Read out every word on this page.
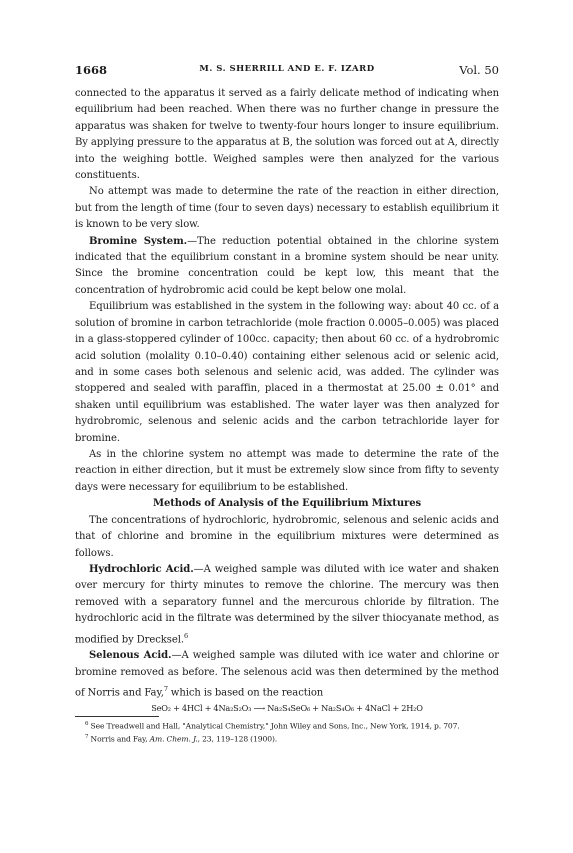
1668	M. S. SHERRILL AND E. F. IZARD	Vol. 50

connected to the apparatus it served as a fairly delicate method of indicating when equilibrium had been reached. When there was no further change in pressure the apparatus was shaken for twelve to twenty-four hours longer to insure equilibrium. By applying pressure to the apparatus at B, the solution was forced out at A, directly into the weighing bottle. Weighed samples were then analyzed for the various constituents.

No attempt was made to determine the rate of the reaction in either direction, but from the length of time (four to seven days) necessary to establish equilibrium it is known to be very slow.

Bromine System.—The reduction potential obtained in the chlorine system indicated that the equilibrium constant in a bromine system should be near unity. Since the bromine concentration could be kept low, this meant that the concentration of hydrobromic acid could be kept below one molal.

Equilibrium was established in the system in the following way: about 40 cc. of a solution of bromine in carbon tetrachloride (mole fraction 0.0005–0.005) was placed in a glass-stoppered cylinder of 100cc. capacity; then about 60 cc. of a hydrobromic acid solution (molality 0.10–0.40) containing either selenous acid or selenic acid, and in some cases both selenous and selenic acid, was added. The cylinder was stoppered and sealed with paraffin, placed in a thermostat at 25.00 ± 0.01° and shaken until equilibrium was established. The water layer was then analyzed for hydrobromic, selenous and selenic acids and the carbon tetrachloride layer for bromine.

As in the chlorine system no attempt was made to determine the rate of the reaction in either direction, but it must be extremely slow since from fifty to seventy days were necessary for equilibrium to be established.

Methods of Analysis of the Equilibrium Mixtures

The concentrations of hydrochloric, hydrobromic, selenous and selenic acids and that of chlorine and bromine in the equilibrium mixtures were determined as follows.

Hydrochloric Acid.—A weighed sample was diluted with ice water and shaken over mercury for thirty minutes to remove the chlorine. The mercury was then removed with a separatory funnel and the mercurous chloride by filtration. The hydrochloric acid in the filtrate was determined by the silver thiocyanate method, as modified by Drecksel.$^6$

Selenous Acid.—A weighed sample was diluted with ice water and chlorine or bromine removed as before. The selenous acid was then determined by the method of Norris and Fay,$^7$ which is based on the reaction

SeO₂ + 4HCl + 4Na₂S₂O₃ ⟶ Na₂S₄SeO₆ + Na₂S₄O₆ + 4NaCl + 2H₂O
$^6$ See Treadwell and Hall, "Analytical Chemistry," John Wiley and Sons, Inc., New York, 1914, p. 707.
$^7$ Norris and Fay, Am. Chem. J., 23, 119–128 (1900).
